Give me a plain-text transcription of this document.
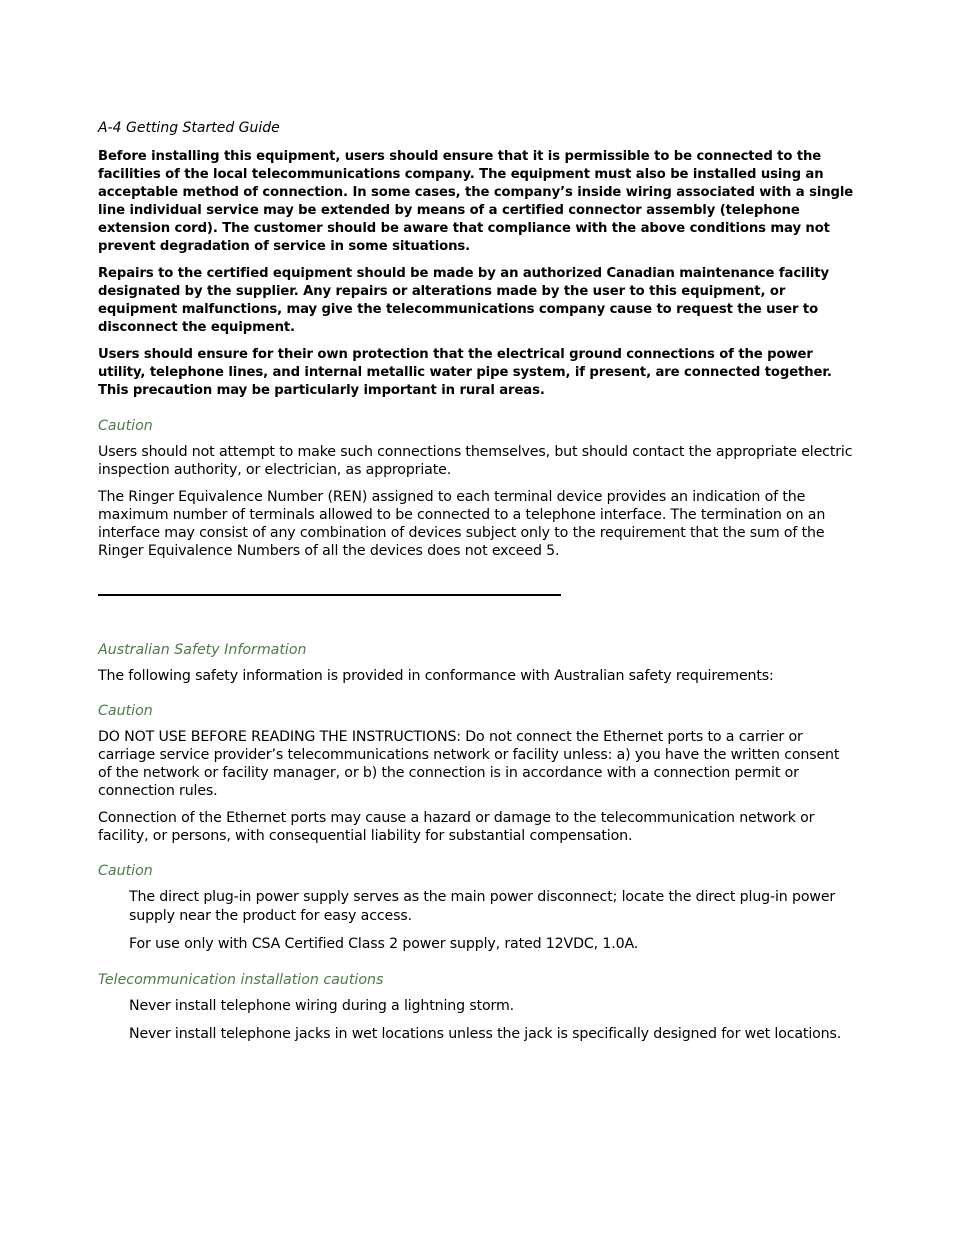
A-4 Getting Started Guide

Before installing this equipment, users should ensure that it is permissible to be connected to the facilities of the local telecommunications company. The equipment must also be installed using an acceptable method of connection. In some cases, the company’s inside wiring associated with a single line individual service may be extended by means of a certified connector assembly (telephone extension cord). The customer should be aware that compliance with the above conditions may not prevent degradation of service in some situations.

Repairs to the certified equipment should be made by an authorized Canadian maintenance facility designated by the supplier. Any repairs or alterations made by the user to this equipment, or equipment malfunctions, may give the telecommunications company cause to request the user to disconnect the equipment.

Users should ensure for their own protection that the electrical ground connections of the power utility, telephone lines, and internal metallic water pipe system, if present, are connected together. This precaution may be particularly important in rural areas.

Caution

Users should not attempt to make such connections themselves, but should contact the appropriate electric inspection authority, or electrician, as appropriate.

The Ringer Equivalence Number (REN) assigned to each terminal device provides an indication of the maximum number of terminals allowed to be connected to a telephone interface. The termination on an interface may consist of any combination of devices subject only to the requirement that the sum of the Ringer Equivalence Numbers of all the devices does not exceed 5.

Australian Safety Information

The following safety information is provided in conformance with Australian safety requirements:

Caution

DO NOT USE BEFORE READING THE INSTRUCTIONS: Do not connect the Ethernet ports to a carrier or carriage service provider’s telecommunications network or facility unless: a) you have the written consent of the network or facility manager, or b) the connection is in accordance with a connection permit or connection rules.

Connection of the Ethernet ports may cause a hazard or damage to the telecommunication network or facility, or persons, with consequential liability for substantial compensation.

Caution

The direct plug-in power supply serves as the main power disconnect; locate the direct plug-in power supply near the product for easy access.

For use only with CSA Certified Class 2 power supply, rated 12VDC, 1.0A.

Telecommunication installation cautions

Never install telephone wiring during a lightning storm.

Never install telephone jacks in wet locations unless the jack is specifically designed for wet locations.
